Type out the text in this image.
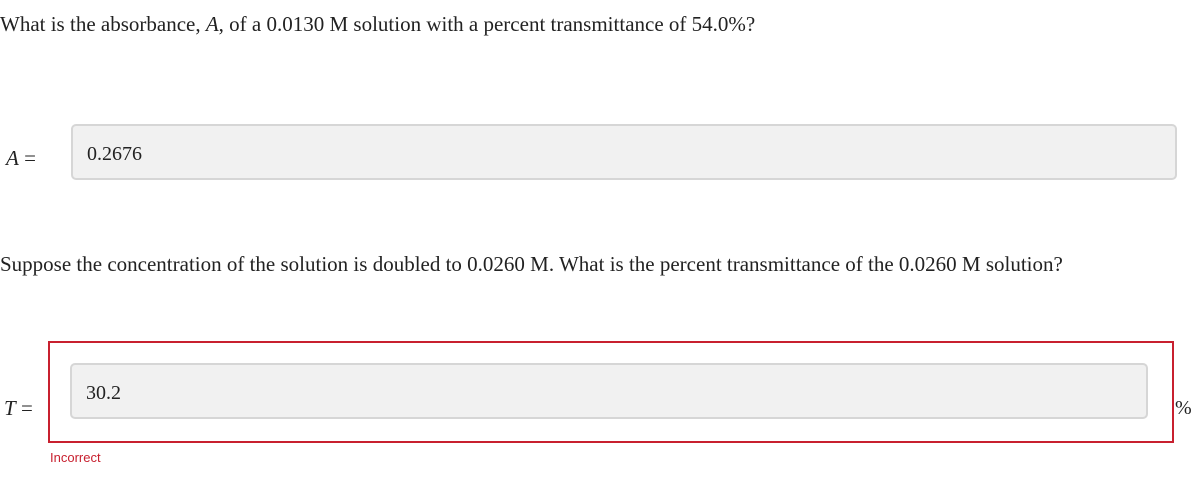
What is the absorbance, A, of a 0.0130 M solution with a percent transmittance of 54.0%?
A =	0.2676
Suppose the concentration of the solution is doubled to 0.0260 M. What is the percent transmittance of the 0.0260 M solution?
T =
30.2
%
Incorrect
